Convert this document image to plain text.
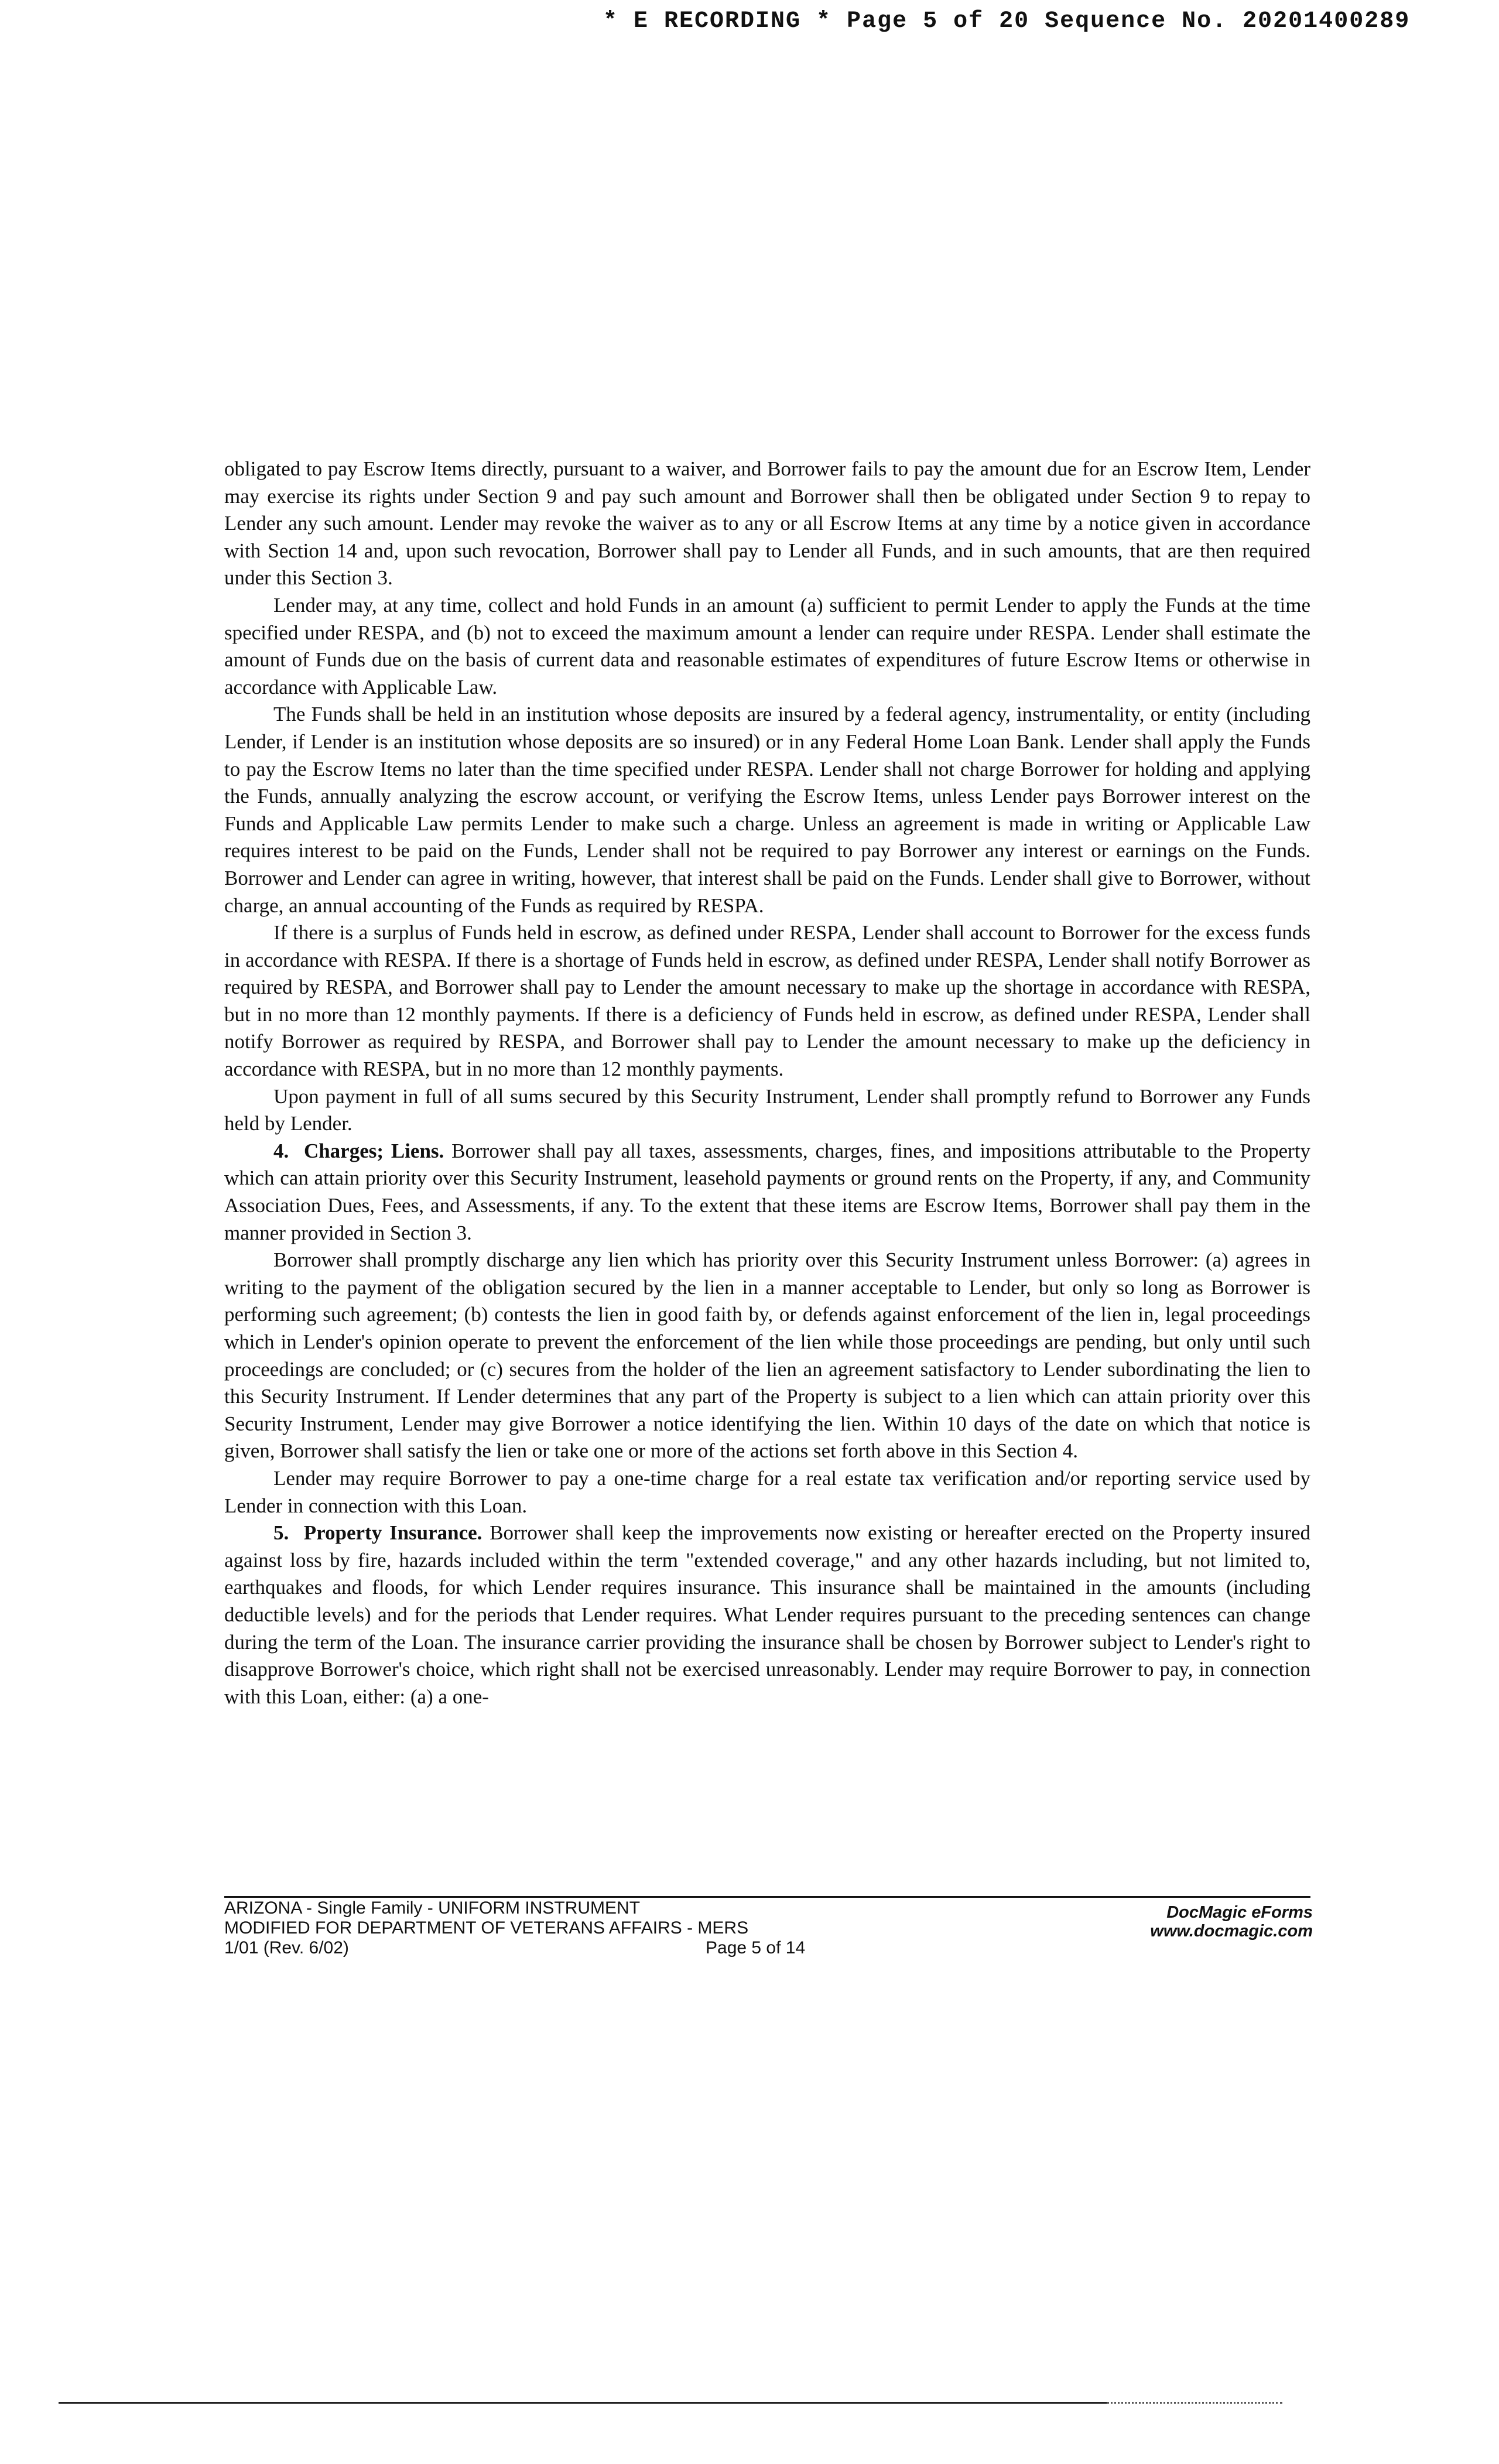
* E RECORDING * Page 5 of 20 Sequence No. 20201400289

obligated to pay Escrow Items directly, pursuant to a waiver, and Borrower fails to pay the amount due for an Escrow Item, Lender may exercise its rights under Section 9 and pay such amount and Borrower shall then be obligated under Section 9 to repay to Lender any such amount. Lender may revoke the waiver as to any or all Escrow Items at any time by a notice given in accordance with Section 14 and, upon such revocation, Borrower shall pay to Lender all Funds, and in such amounts, that are then required under this Section 3.

Lender may, at any time, collect and hold Funds in an amount (a) sufficient to permit Lender to apply the Funds at the time specified under RESPA, and (b) not to exceed the maximum amount a lender can require under RESPA. Lender shall estimate the amount of Funds due on the basis of current data and reasonable estimates of expenditures of future Escrow Items or otherwise in accordance with Applicable Law.

The Funds shall be held in an institution whose deposits are insured by a federal agency, instrumentality, or entity (including Lender, if Lender is an institution whose deposits are so insured) or in any Federal Home Loan Bank. Lender shall apply the Funds to pay the Escrow Items no later than the time specified under RESPA. Lender shall not charge Borrower for holding and applying the Funds, annually analyzing the escrow account, or verifying the Escrow Items, unless Lender pays Borrower interest on the Funds and Applicable Law permits Lender to make such a charge. Unless an agreement is made in writing or Applicable Law requires interest to be paid on the Funds, Lender shall not be required to pay Borrower any interest or earnings on the Funds. Borrower and Lender can agree in writing, however, that interest shall be paid on the Funds. Lender shall give to Borrower, without charge, an annual accounting of the Funds as required by RESPA.

If there is a surplus of Funds held in escrow, as defined under RESPA, Lender shall account to Borrower for the excess funds in accordance with RESPA. If there is a shortage of Funds held in escrow, as defined under RESPA, Lender shall notify Borrower as required by RESPA, and Borrower shall pay to Lender the amount necessary to make up the shortage in accordance with RESPA, but in no more than 12 monthly payments. If there is a deficiency of Funds held in escrow, as defined under RESPA, Lender shall notify Borrower as required by RESPA, and Borrower shall pay to Lender the amount necessary to make up the deficiency in accordance with RESPA, but in no more than 12 monthly payments.

Upon payment in full of all sums secured by this Security Instrument, Lender shall promptly refund to Borrower any Funds held by Lender.

4. Charges; Liens. Borrower shall pay all taxes, assessments, charges, fines, and impositions attributable to the Property which can attain priority over this Security Instrument, leasehold payments or ground rents on the Property, if any, and Community Association Dues, Fees, and Assessments, if any. To the extent that these items are Escrow Items, Borrower shall pay them in the manner provided in Section 3.

Borrower shall promptly discharge any lien which has priority over this Security Instrument unless Borrower: (a) agrees in writing to the payment of the obligation secured by the lien in a manner acceptable to Lender, but only so long as Borrower is performing such agreement; (b) contests the lien in good faith by, or defends against enforcement of the lien in, legal proceedings which in Lender's opinion operate to prevent the enforcement of the lien while those proceedings are pending, but only until such proceedings are concluded; or (c) secures from the holder of the lien an agreement satisfactory to Lender subordinating the lien to this Security Instrument. If Lender determines that any part of the Property is subject to a lien which can attain priority over this Security Instrument, Lender may give Borrower a notice identifying the lien. Within 10 days of the date on which that notice is given, Borrower shall satisfy the lien or take one or more of the actions set forth above in this Section 4.

Lender may require Borrower to pay a one-time charge for a real estate tax verification and/or reporting service used by Lender in connection with this Loan.

5. Property Insurance. Borrower shall keep the improvements now existing or hereafter erected on the Property insured against loss by fire, hazards included within the term "extended coverage," and any other hazards including, but not limited to, earthquakes and floods, for which Lender requires insurance. This insurance shall be maintained in the amounts (including deductible levels) and for the periods that Lender requires. What Lender requires pursuant to the preceding sentences can change during the term of the Loan. The insurance carrier providing the insurance shall be chosen by Borrower subject to Lender's right to disapprove Borrower's choice, which right shall not be exercised unreasonably. Lender may require Borrower to pay, in connection with this Loan, either: (a) a one-

ARIZONA - Single Family - UNIFORM INSTRUMENT
MODIFIED FOR DEPARTMENT OF VETERANS AFFAIRS - MERS
1/01 (Rev. 6/02)	Page 5 of 14
DocMagic eForms
www.docmagic.com
